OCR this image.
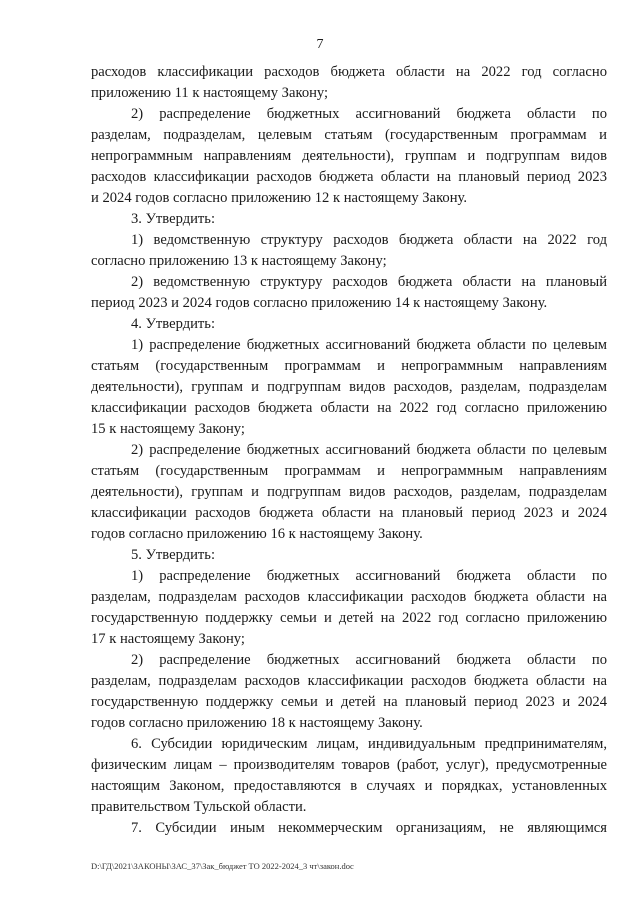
7
расходов классификации расходов бюджета области на 2022 год согласно
приложению 11 к настоящему Закону;
2) распределение бюджетных ассигнований бюджета области по
разделам, подразделам, целевым статьям (государственным программам и
непрограммным направлениям деятельности), группам и подгруппам видов
расходов классификации расходов бюджета области на плановый период 2023
и 2024 годов согласно приложению 12 к настоящему Закону.
3. Утвердить:
1) ведомственную структуру расходов бюджета области на 2022 год
согласно приложению 13 к настоящему Закону;
2) ведомственную структуру расходов бюджета области на плановый
период 2023 и 2024 годов согласно приложению 14 к настоящему Закону.
4. Утвердить:
1) распределение бюджетных ассигнований бюджета области по целевым
статьям (государственным программам и непрограммным направлениям
деятельности), группам и подгруппам видов расходов, разделам, подразделам
классификации расходов бюджета области на 2022 год согласно приложению
15 к настоящему Закону;
2) распределение бюджетных ассигнований бюджета области по целевым
статьям (государственным программам и непрограммным направлениям
деятельности), группам и подгруппам видов расходов, разделам, подразделам
классификации расходов бюджета области на плановый период 2023 и 2024
годов согласно приложению 16 к настоящему Закону.
5. Утвердить:
1) распределение бюджетных ассигнований бюджета области по
разделам, подразделам расходов классификации расходов бюджета области на
государственную поддержку семьи и детей на 2022 год согласно приложению
17 к настоящему Закону;
2) распределение бюджетных ассигнований бюджета области по
разделам, подразделам расходов классификации расходов бюджета области на
государственную поддержку семьи и детей на плановый период 2023 и 2024
годов согласно приложению 18 к настоящему Закону.
6. Субсидии юридическим лицам, индивидуальным предпринимателям,
физическим лицам – производителям товаров (работ, услуг), предусмотренные
настоящим Законом, предоставляются в случаях и порядках, установленных
правительством Тульской области.
7. Субсидии иным некоммерческим организациям, не являющимся
D:\ГД\2021\ЗАКОНЫ\ЗАС_37\Зак_бюджет ТО 2022-2024_3 чт\закон.doc
